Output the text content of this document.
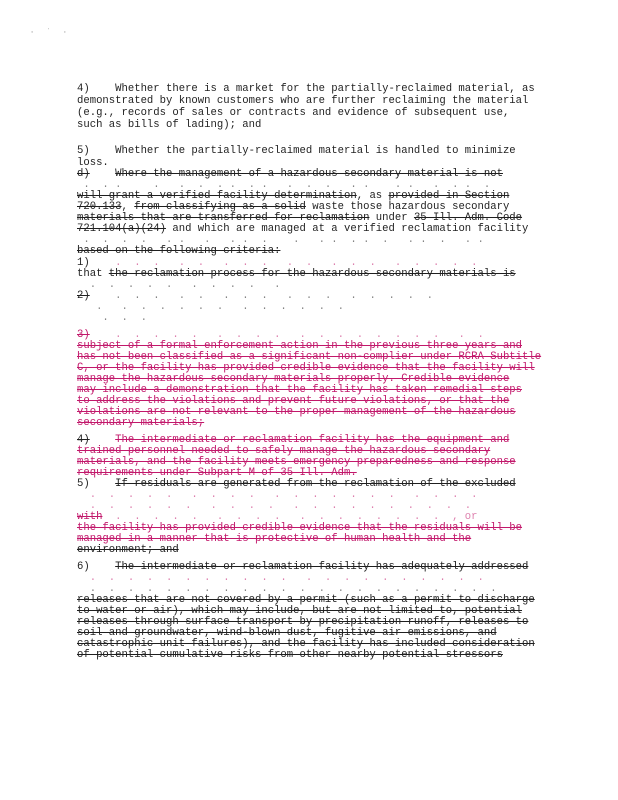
· ˙ ·
4)    Whether there is a market for the partially-reclaimed material, as
demonstrated by known customers who are further reclaiming the material
(e.g., records of sales or contracts and evidence of subsequent use,
such as bills of lading); and
5)    Whether the partially-reclaimed material is handled to minimize
loss.
d) Where the management of a hazardous secondary material is not
.  . .     .   .  .  . .  . .   .  .  .   . .    . .   .  . .  .
will grant a verified facility determination, as provided in Section
720.133, from classifying as a solid waste those hazardous secondary
materials that are transferred for reclamation under 35 Ill. Adm. Code
721.104(a)(24) and which are managed at a verified reclamation facility
.  .  .  .   . .   .   . .  .    .   . .  . .  .   . .  .   . .
based on the following criteria:
1)    .  .  .   .  .   .  .  .   .  .   .  .  .   .  .  .  .  .
that the reclamation process for the hazardous secondary materials is
.  .  .  .  .   .  .  .  .   .
2)    .  .  .   .  .   .  .  .   .  .  .   .  .  .  .  .
.   .  .  .  .  .  .   .  .  .  .  .  .
.  .  .
3)    .  .  .  .  .   .  .  .  .   .  .  .  .  .  .  .  .   .  .
subject of a formal enforcement action in the previous three years and
has not been classified as a significant non-complier under RCRA Subtitle
C, or the facility has provided credible evidence that the facility will
manage the hazardous secondary materials properly. Credible evidence
may include a demonstration that the facility has taken remedial steps
to address the violations and prevent future violations, or that the
violations are not relevant to the proper management of the hazardous
secondary materials;
4) The intermediate or reclamation facility has the equipment and
trained personnel needed to safely manage the hazardous secondary
materials, and the facility meets emergency preparedness and response
requirements under Subpart M of 35 Ill. Adm.
5) If residuals are generated from the reclamation of the excluded
.  .  .  .  .   .  .  .  .   .  .  .  .  .  .  .   .  .  .  .
.  .  .  .  .  .   .  .  .  .   .  .  .  .  .  .  .  .  .  .
with  .  .  .  .  .   .  .  .  .   .  .  .  .  .  .  .  .  , or
the facility has provided credible evidence that the residuals will be
managed in a manner that is protective of human health and the
environment; and
6) The intermediate or reclamation facility has adequately addressed
.  .  .  .  .  .  .  .  .  .  .   .  .  .  .  .  .  .  .  .  .
.  .  .  .  .  .  .  .  .  .  .  .  .  .  .  .  .  .  .  .  .  .
releases that are not covered by a permit (such as a permit to discharge
to water or air), which may include, but are not limited to, potential
releases through surface transport by precipitation runoff, releases to
soil and groundwater, wind-blown dust, fugitive air emissions, and
catastrophic unit failures), and the facility has included consideration
of potential cumulative risks from other nearby potential stressors
